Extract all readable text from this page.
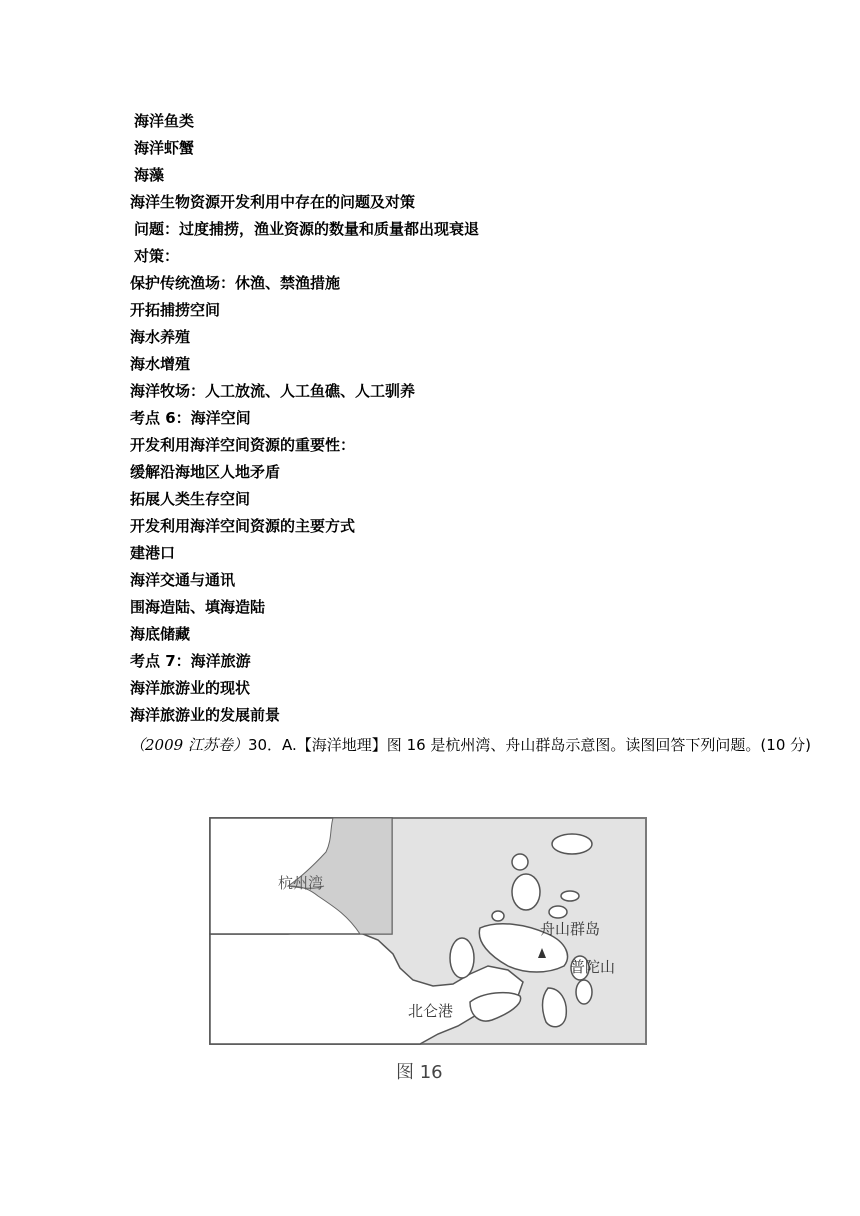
海洋鱼类
海洋虾蟹
海藻
海洋生物资源开发利用中存在的问题及对策
问题：过度捕捞，渔业资源的数量和质量都出现衰退
对策：
保护传统渔场：休渔、禁渔措施
开拓捕捞空间
海水养殖
海水增殖
海洋牧场：人工放流、人工鱼礁、人工驯养
考点 6：海洋空间
开发利用海洋空间资源的重要性：
缓解沿海地区人地矛盾
拓展人类生存空间
开发利用海洋空间资源的主要方式
建港口
海洋交通与通讯
围海造陆、填海造陆
海底储藏
考点 7：海洋旅游
海洋旅游业的现状
海洋旅游业的发展前景
（2009 江苏卷）30．A.【海洋地理】图 16 是杭州湾、舟山群岛示意图。读图回答下列问题。(10 分)
杭州湾
舟山群岛
普陀山
北仑港
图 16
